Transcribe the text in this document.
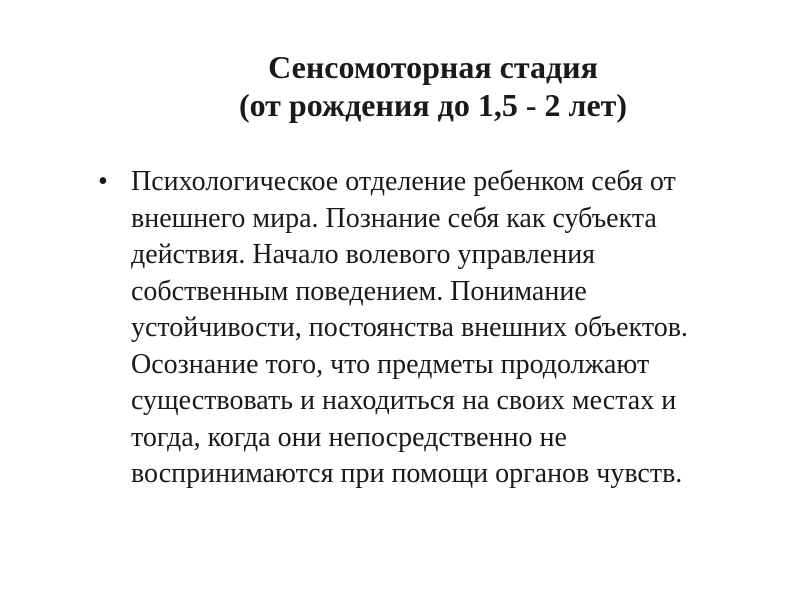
Сенсомоторная стадия
(от рождения до 1,5 - 2 лет)
• Психологическое отделение ребенком себя от
внешнего мира. Познание себя как субъекта
действия. Начало волевого управления
собственным поведением. Понимание
устойчивости, постоянства внешних объектов.
Осознание того, что предметы продолжают
существовать и находиться на своих местах и
тогда, когда они непосредственно не
воспринимаются при помощи органов чувств.
